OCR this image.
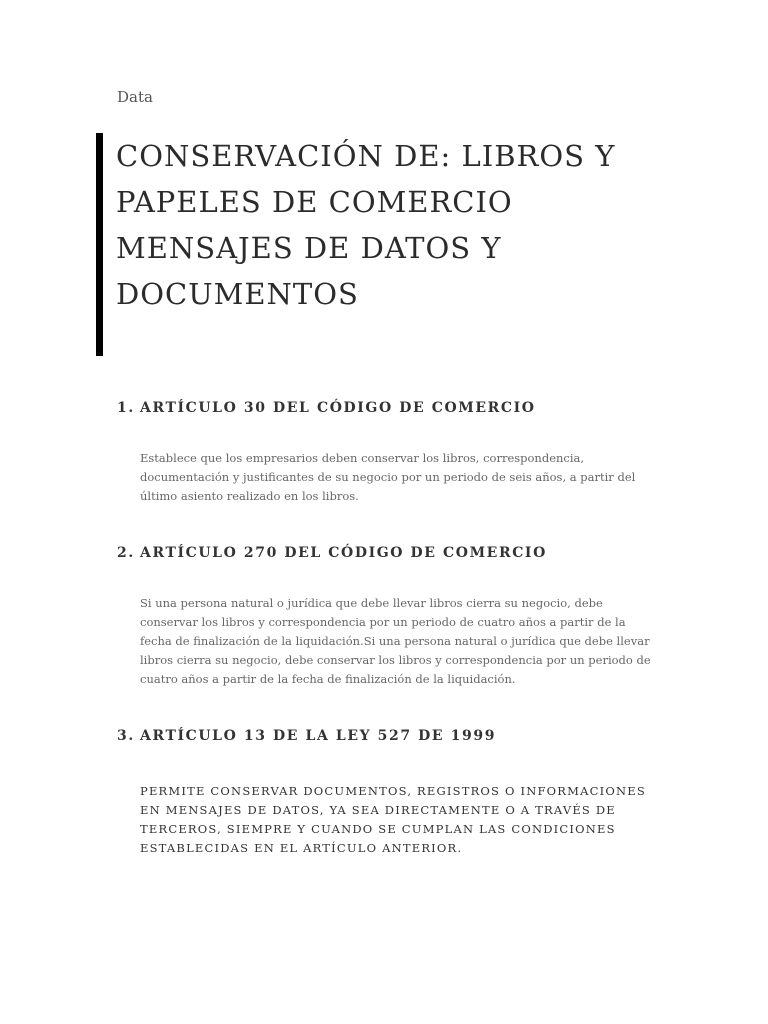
Data
CONSERVACIÓN DE: LIBROS Y PAPELES DE COMERCIO MENSAJES DE DATOS Y DOCUMENTOS
1. ARTÍCULO 30 DEL CÓDIGO DE COMERCIO

Establece que los empresarios deben conservar los libros, correspondencia, documentación y justificantes de su negocio por un periodo de seis años, a partir del último asiento realizado en los libros.

2. ARTÍCULO 270 DEL CÓDIGO DE COMERCIO

Si una persona natural o jurídica que debe llevar libros cierra su negocio, debe conservar los libros y correspondencia por un periodo de cuatro años a partir de la fecha de finalización de la liquidación.Si una persona natural o jurídica que debe llevar libros cierra su negocio, debe conservar los libros y correspondencia por un periodo de cuatro años a partir de la fecha de finalización de la liquidación.

3. ARTÍCULO 13 DE LA LEY 527 DE 1999

PERMITE CONSERVAR DOCUMENTOS, REGISTROS O INFORMACIONES EN MENSAJES DE DATOS, YA SEA DIRECTAMENTE O A TRAVÉS DE TERCEROS, SIEMPRE Y CUANDO SE CUMPLAN LAS CONDICIONES ESTABLECIDAS EN EL ARTÍCULO ANTERIOR.
